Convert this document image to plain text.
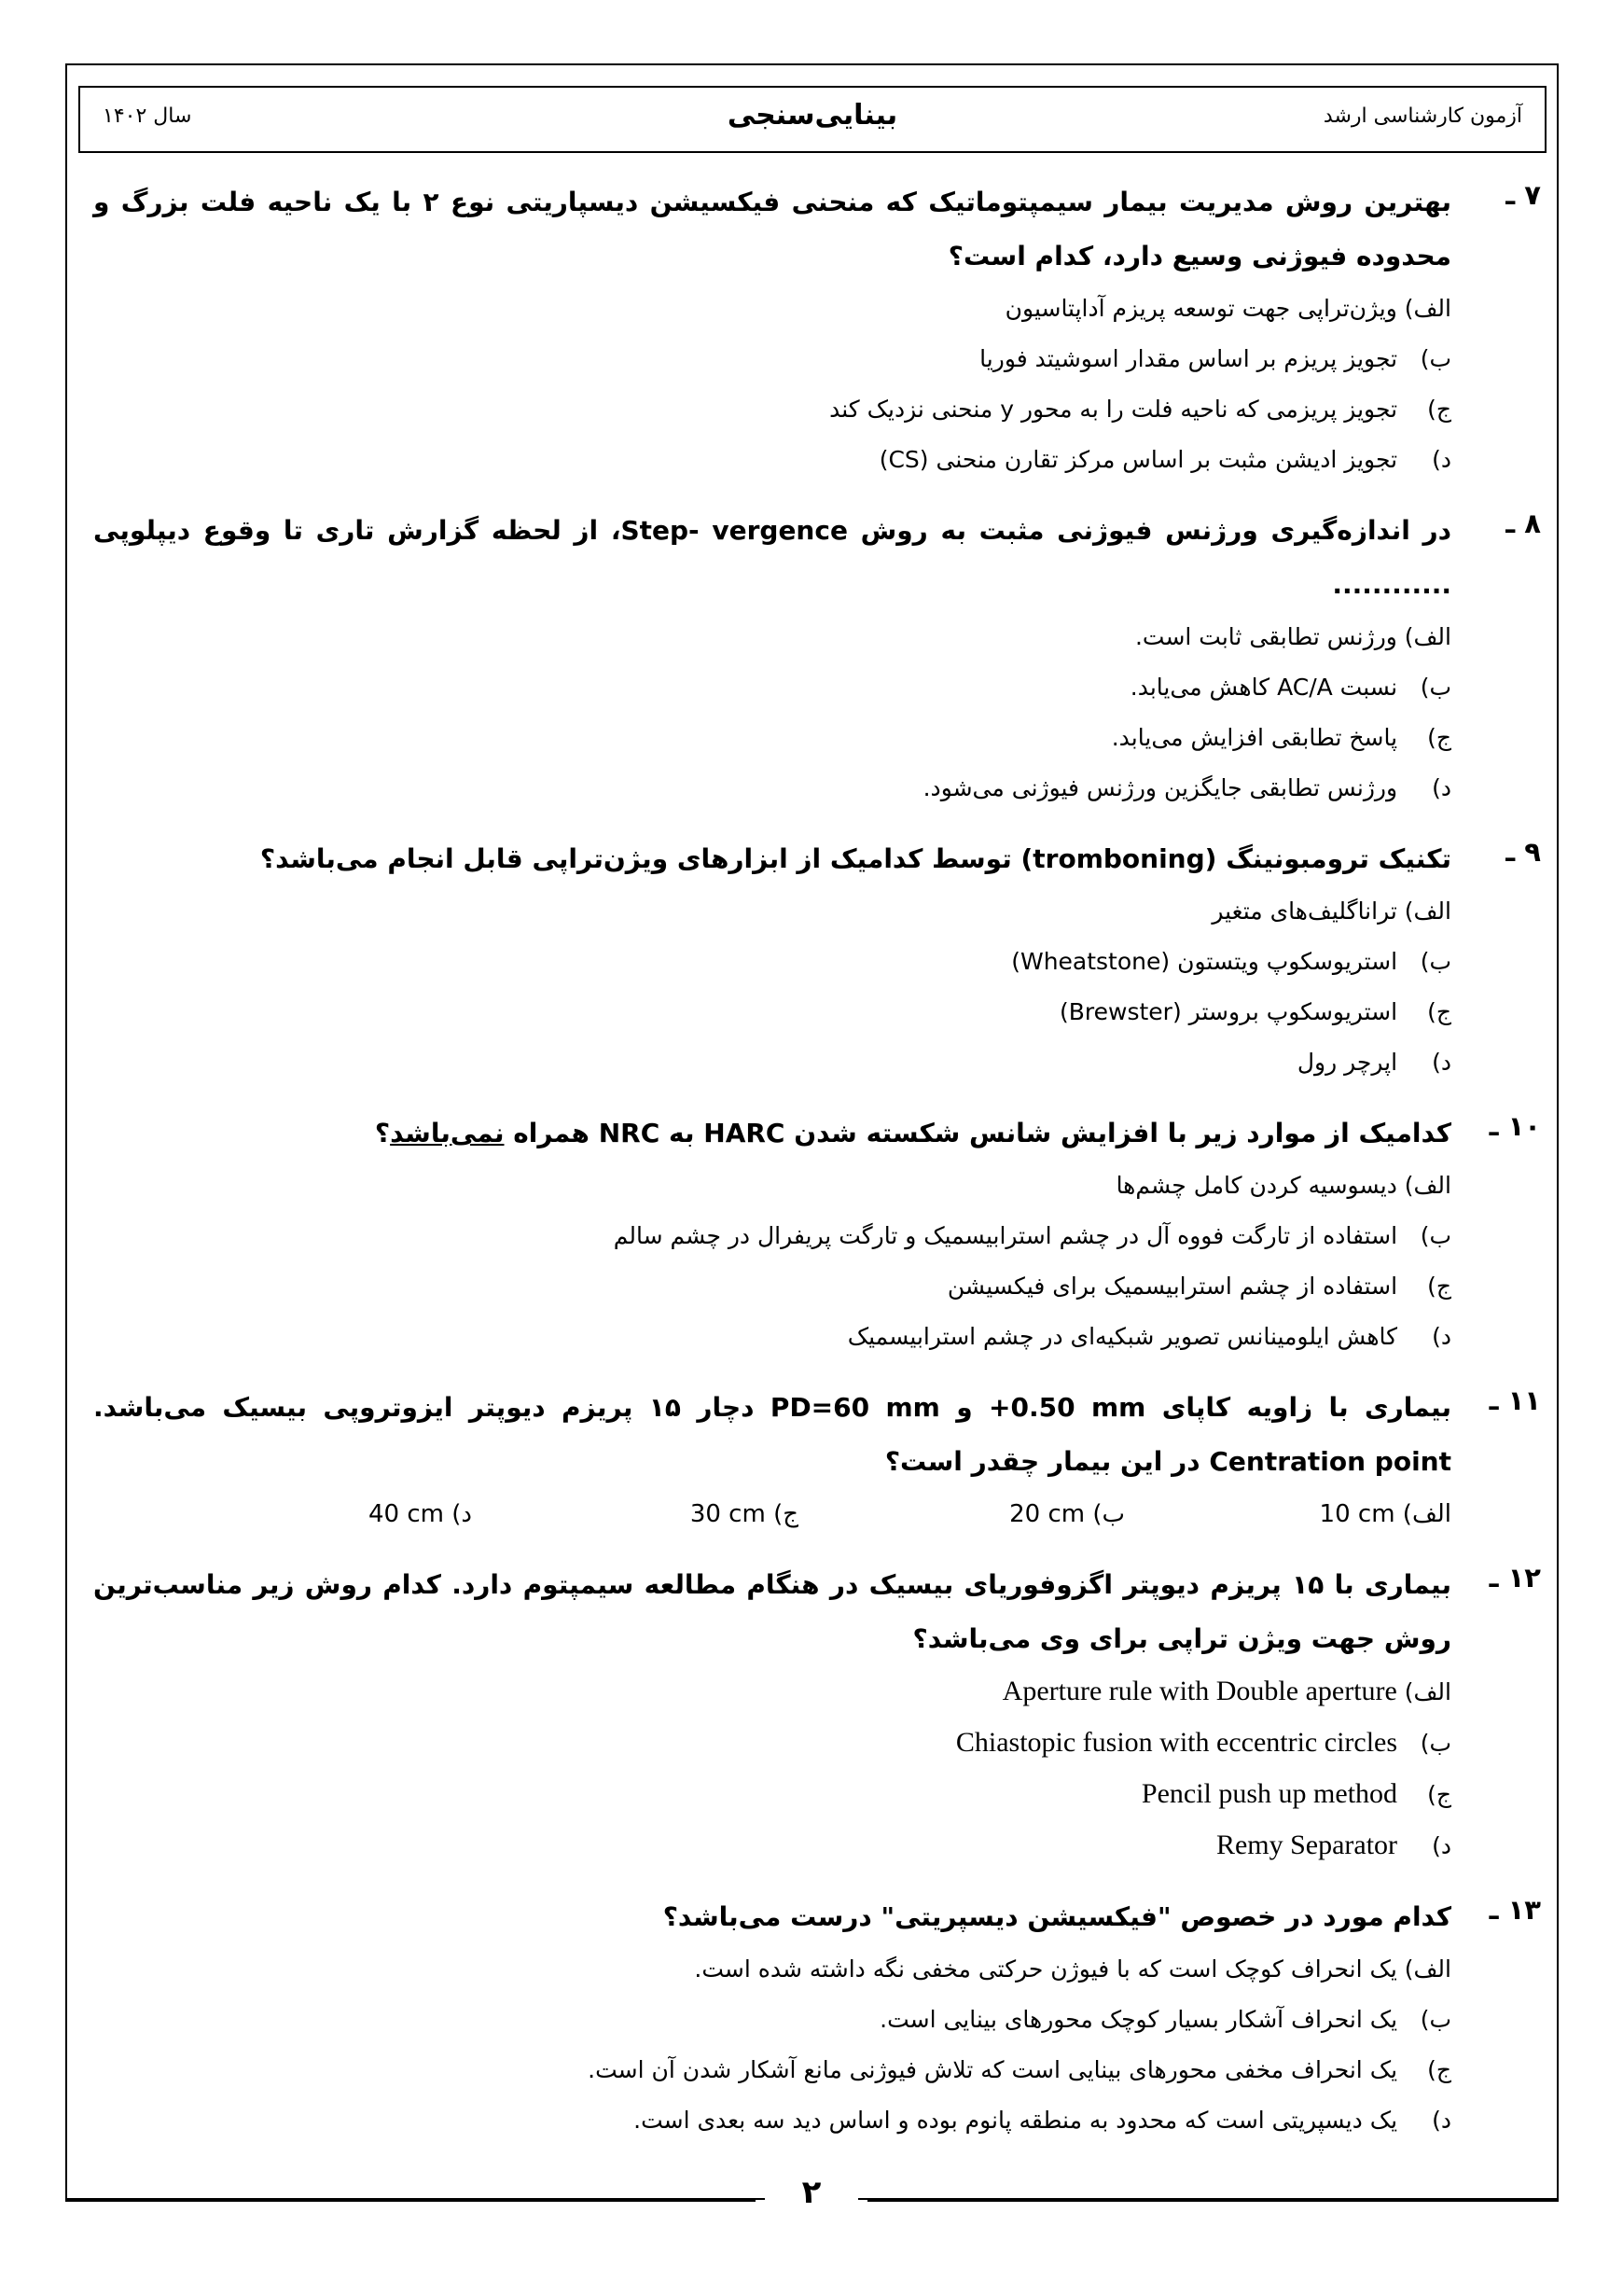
آزمون کارشناسی ارشد
بینایی‌سنجی
سال ۱۴۰۲
۷ ـ
بهترین روش مدیریت بیمار سیمپتوماتیک که منحنی فیکسیشن دیسپاریتی نوع ۲ با یک ناحیه فلت بزرگ و محدوده فیوژنی وسیع دارد، کدام است؟
الف) ویژن‌تراپی جهت توسعه پریزم آداپتاسیون
ب) تجویز پریزم بر اساس مقدار اسوشیتد فوریا
ج) تجویز پریزمی که ناحیه فلت را به محور y منحنی نزدیک کند
د) تجویز ادیشن مثبت بر اساس مرکز تقارن منحنی (CS)
۸ ـ
در اندازه‌گیری ورژنس فیوژنی مثبت به روش Step- vergence، از لحظه گزارش تاری تا وقوع دیپلوپی ............
الف) ورژنس تطابقی ثابت است.
ب) نسبت AC/A کاهش می‌یابد.
ج) پاسخ تطابقی افزایش می‌یابد.
د) ورژنس تطابقی جایگزین ورژنس فیوژنی می‌شود.
۹ ـ
تکنیک ترومبونینگ (tromboning) توسط کدامیک از ابزارهای ویژن‌تراپی قابل انجام می‌باشد؟
الف) ترانا‌گلیف‌های متغیر
ب) استریوسکوپ ویتستون (Wheatstone)
ج) استریوسکوپ بروستر (Brewster)
د) اپرچر رول
۱۰ ـ
کدامیک از موارد زیر با افزایش شانس شکسته شدن HARC به NRC همراه نمی‌باشد؟
الف) دیسوسیه کردن کامل چشم‌ها
ب) استفاده از تارگت فووه آل در چشم استرابیسمیک و تارگت پریفرال در چشم سالم
ج) استفاده از چشم استرابیسمیک برای فیکسیشن
د) کاهش ایلومینانس تصویر شبکیه‌ای در چشم استرابیسمیک
۱۱ ـ
بیماری با زاویه کاپای ‎+0.50 mm‎ و ‎PD=60 mm‎ دچار ۱۵ پریزم دیوپتر ایزوتروپی بیسیک می‌باشد. Centration point در این بیمار چقدر است؟
الف) 10 cm
ب) 20 cm
ج) 30 cm
د) 40 cm
۱۲ ـ
بیماری با ۱۵ پریزم دیوپتر اگزوفوریای بیسیک در هنگام مطالعه سیمپتوم دارد. کدام روش زیر مناسب‌ترین روش جهت ویژن تراپی برای وی می‌باشد؟
الف) Aperture rule with Double aperture
ب) Chiastopic fusion with eccentric circles
ج) Pencil push up method
د) Remy Separator
۱۳ ـ
کدام مورد در خصوص "فیکسیشن دیسپریتی" درست می‌باشد؟
الف) یک انحراف کوچک است که با فیوژن حرکتی مخفی نگه داشته شده است.
ب) یک انحراف آشکار بسیار کوچک محورهای بینایی است.
ج) یک انحراف مخفی محورهای بینایی است که تلاش فیوژنی مانع آشکار شدن آن است.
د) یک دیسپریتی است که محدود به منطقه پانوم بوده و اساس دید سه بعدی است.
۲
